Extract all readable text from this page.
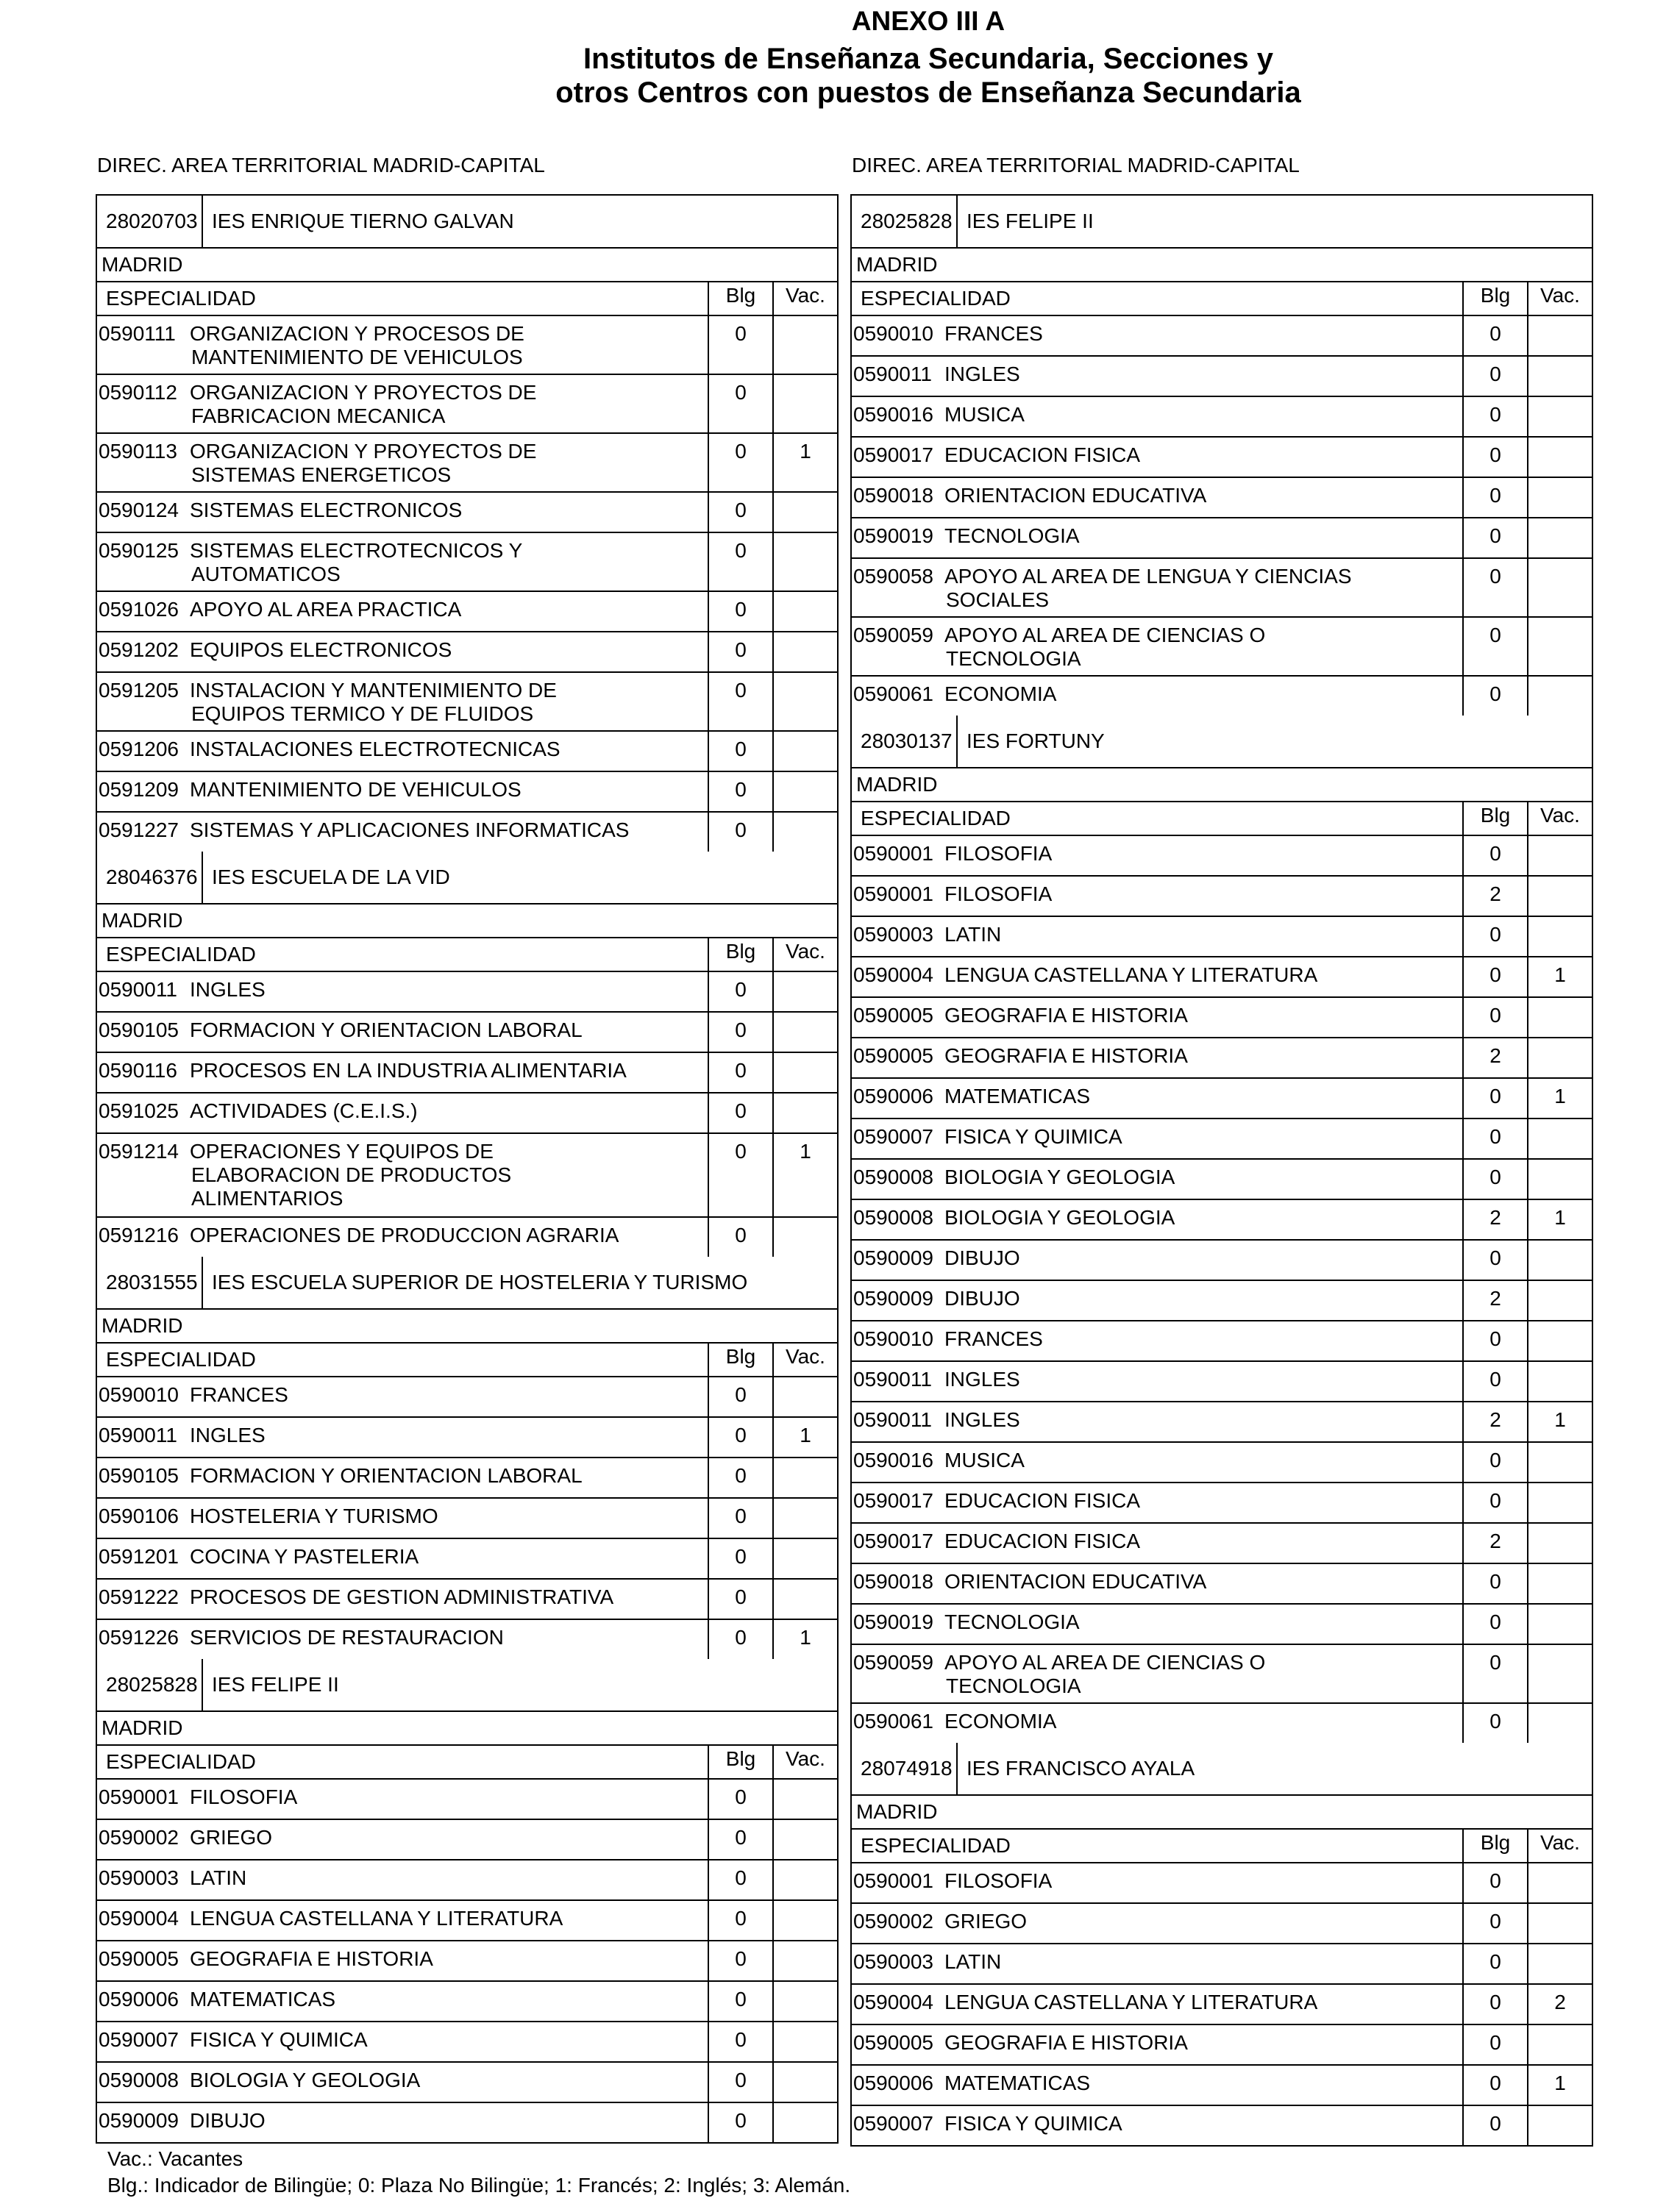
ANEXO III A
Institutos de Enseñanza Secundaria, Secciones y
otros Centros con puestos de Enseñanza Secundaria
DIREC. AREA TERRITORIAL MADRID-CAPITAL
28020703 IES ENRIQUE TIERNO GALVAN
MADRID
ESPECIALIDAD	Blg	Vac.
0590111 ORGANIZACION Y PROCESOS DE
MANTENIMIENTO DE VEHICULOS
0
0590112 ORGANIZACION Y PROYECTOS DE
FABRICACION MECANICA
0
0590113 ORGANIZACION Y PROYECTOS DE
SISTEMAS ENERGETICOS
0	1
0590124 SISTEMAS ELECTRONICOS	0
0590125 SISTEMAS ELECTROTECNICOS Y
AUTOMATICOS
0
0591026 APOYO AL AREA PRACTICA	0
0591202 EQUIPOS ELECTRONICOS	0
0591205 INSTALACION Y MANTENIMIENTO DE
EQUIPOS TERMICO Y DE FLUIDOS
0
0591206 INSTALACIONES ELECTROTECNICAS	0
0591209 MANTENIMIENTO DE VEHICULOS	0
0591227 SISTEMAS Y APLICACIONES INFORMATICAS	0
28046376 IES ESCUELA DE LA VID
MADRID
ESPECIALIDAD	Blg	Vac.
0590011 INGLES	0
0590105 FORMACION Y ORIENTACION LABORAL	0
0590116 PROCESOS EN LA INDUSTRIA ALIMENTARIA	0
0591025 ACTIVIDADES (C.E.I.S.)	0
0591214 OPERACIONES Y EQUIPOS DE
ELABORACION DE PRODUCTOS
ALIMENTARIOS
0	1
0591216 OPERACIONES DE PRODUCCION AGRARIA	0
28031555 IES ESCUELA SUPERIOR DE HOSTELERIA Y TURISMO
MADRID
ESPECIALIDAD	Blg	Vac.
0590010 FRANCES	0
0590011 INGLES	0	1
0590105 FORMACION Y ORIENTACION LABORAL	0
0590106 HOSTELERIA Y TURISMO	0
0591201 COCINA Y PASTELERIA	0
0591222 PROCESOS DE GESTION ADMINISTRATIVA	0
0591226 SERVICIOS DE RESTAURACION	0	1
28025828 IES FELIPE II
MADRID
ESPECIALIDAD	Blg	Vac.
0590001 FILOSOFIA	0
0590002 GRIEGO	0
0590003 LATIN	0
0590004 LENGUA CASTELLANA Y LITERATURA	0
0590005 GEOGRAFIA E HISTORIA	0
0590006 MATEMATICAS	0
0590007 FISICA Y QUIMICA	0
0590008 BIOLOGIA Y GEOLOGIA	0
0590009 DIBUJO	0
DIREC. AREA TERRITORIAL MADRID-CAPITAL
28025828 IES FELIPE II
MADRID
ESPECIALIDAD	Blg	Vac.
0590010 FRANCES	0
0590011 INGLES	0
0590016 MUSICA	0
0590017 EDUCACION FISICA	0
0590018 ORIENTACION EDUCATIVA	0
0590019 TECNOLOGIA	0
0590058 APOYO AL AREA DE LENGUA Y CIENCIAS
SOCIALES
0
0590059 APOYO AL AREA DE CIENCIAS O
TECNOLOGIA
0
0590061 ECONOMIA	0
28030137 IES FORTUNY
MADRID
ESPECIALIDAD	Blg	Vac.
0590001 FILOSOFIA	0
0590001 FILOSOFIA	2
0590003 LATIN	0
0590004 LENGUA CASTELLANA Y LITERATURA	0	1
0590005 GEOGRAFIA E HISTORIA	0
0590005 GEOGRAFIA E HISTORIA	2
0590006 MATEMATICAS	0	1
0590007 FISICA Y QUIMICA	0
0590008 BIOLOGIA Y GEOLOGIA	0
0590008 BIOLOGIA Y GEOLOGIA	2	1
0590009 DIBUJO	0
0590009 DIBUJO	2
0590010 FRANCES	0
0590011 INGLES	0
0590011 INGLES	2	1
0590016 MUSICA	0
0590017 EDUCACION FISICA	0
0590017 EDUCACION FISICA	2
0590018 ORIENTACION EDUCATIVA	0
0590019 TECNOLOGIA	0
0590059 APOYO AL AREA DE CIENCIAS O
TECNOLOGIA
0
0590061 ECONOMIA	0
28074918 IES FRANCISCO AYALA
MADRID
ESPECIALIDAD	Blg	Vac.
0590001 FILOSOFIA	0
0590002 GRIEGO	0
0590003 LATIN	0
0590004 LENGUA CASTELLANA Y LITERATURA	0	2
0590005 GEOGRAFIA E HISTORIA	0
0590006 MATEMATICAS	0	1
0590007 FISICA Y QUIMICA	0
Vac.: Vacantes
Blg.: Indicador de Bilingüe; 0: Plaza No Bilingüe; 1: Francés; 2: Inglés; 3: Alemán.
